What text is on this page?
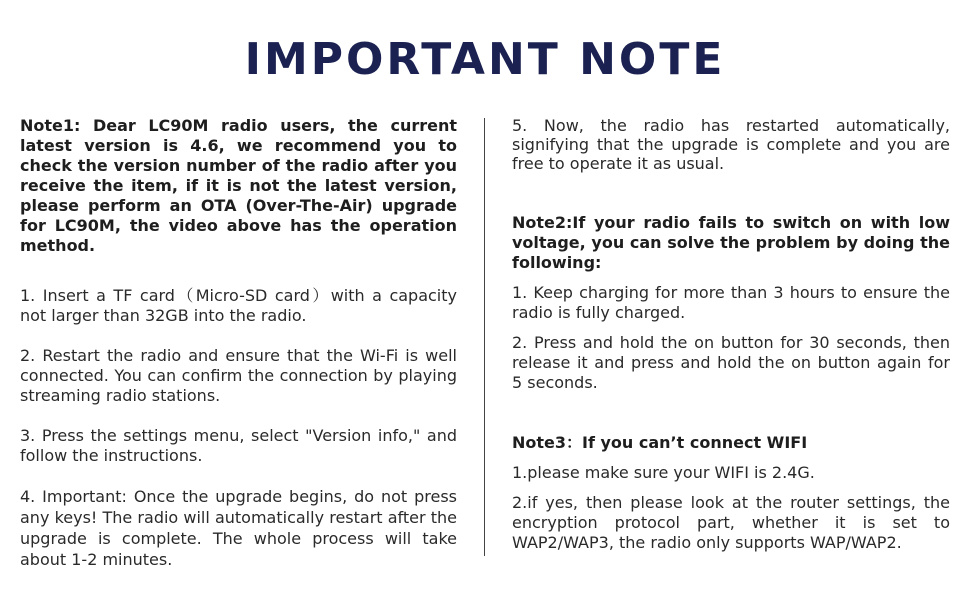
IMPORTANT NOTE

Note1: Dear LC90M radio users, the current latest version is 4.6, we recommend you to check the version number of the radio after you receive the item, if it is not the latest version, please perform an OTA (Over-The-Air) upgrade for LC90M, the video above has the operation method.

1. Insert a TF card（Micro-SD card）with a capacity not larger than 32GB into the radio.

2. Restart the radio and ensure that the Wi-Fi is well connected. You can confirm the connection by playing streaming radio stations.

3. Press the settings menu, select "Version info," and follow the instructions.

4. Important: Once the upgrade begins, do not press any keys! The radio will automatically restart after the upgrade is complete. The whole process will take about 1-2 minutes.

5. Now, the radio has restarted automatically, signifying that the upgrade is complete and you are free to operate it as usual.

Note2:If your radio fails to switch on with low voltage, you can solve the problem by doing the following:

1. Keep charging for more than 3 hours to ensure the radio is fully charged.

2. Press and hold the on button for 30 seconds, then release it and press and hold the on button again for 5 seconds.

Note3：If you can’t connect WIFI

1.please make sure your WIFI is 2.4G.

2.if yes, then please look at the router settings, the encryption protocol part, whether it is set to WAP2/WAP3, the radio only supports WAP/WAP2.
